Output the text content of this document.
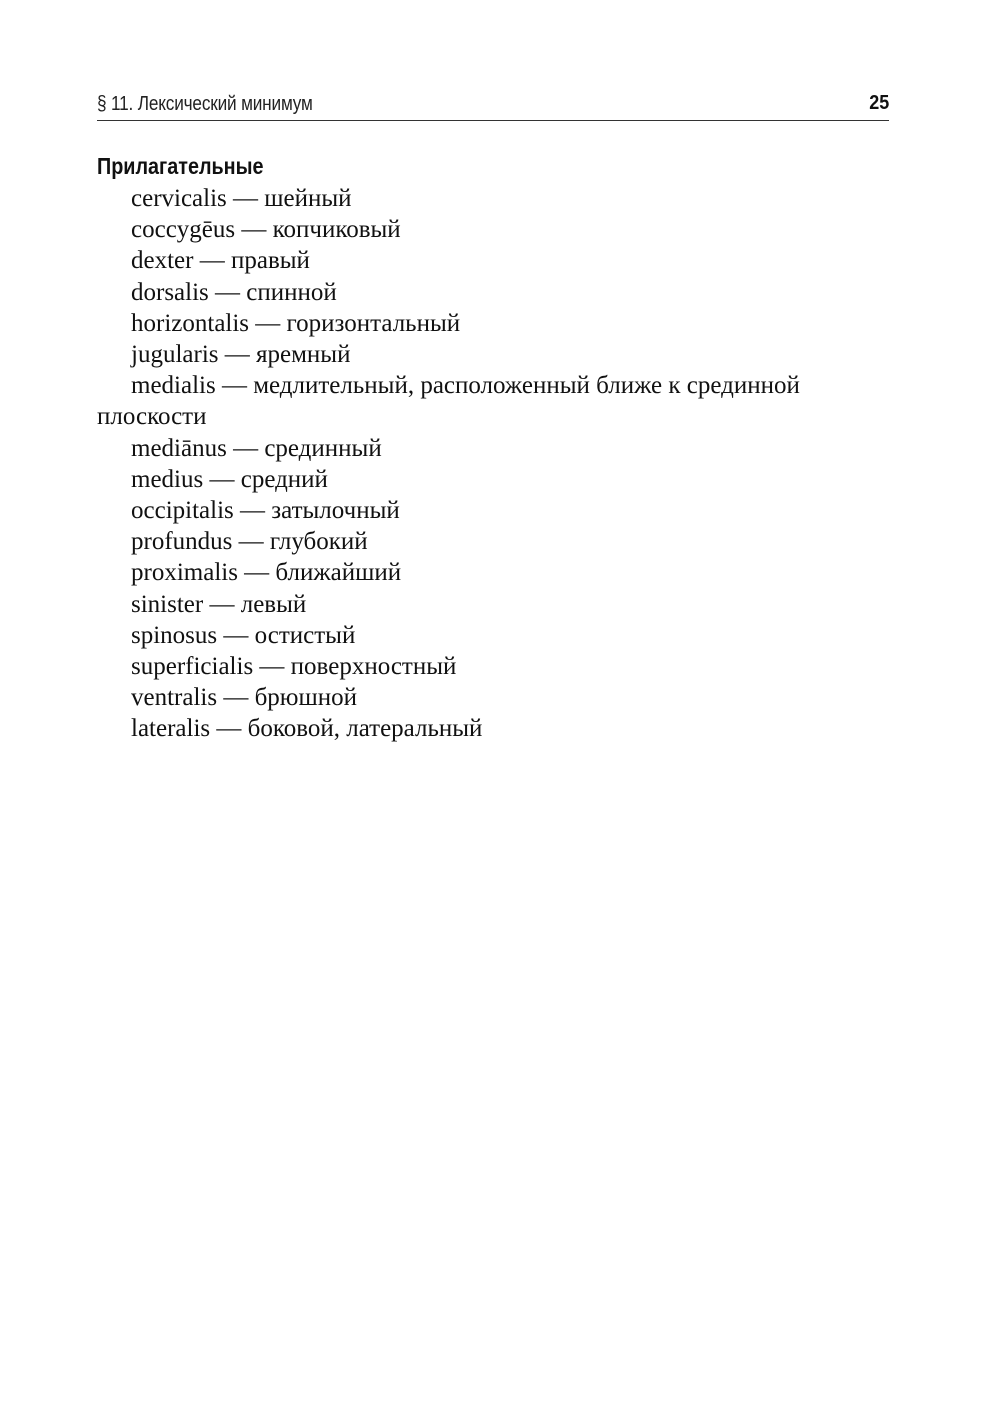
§ 11. Лексический минимум	25
Прилагательные
cervicalis — шейный
coccygēus — копчиковый
dexter — правый
dorsalis — спинной
horizontalis — горизонтальный
jugularis — яремный
medialis — медлительный, расположенный ближе к срединной плоскости
mediānus — срединный
medius — средний
occipitalis — затылочный
profundus — глубокий
proximalis — ближайший
sinister — левый
spinosus — остистый
superficialis — поверхностный
ventralis — брюшной
lateralis — боковой, латеральный
